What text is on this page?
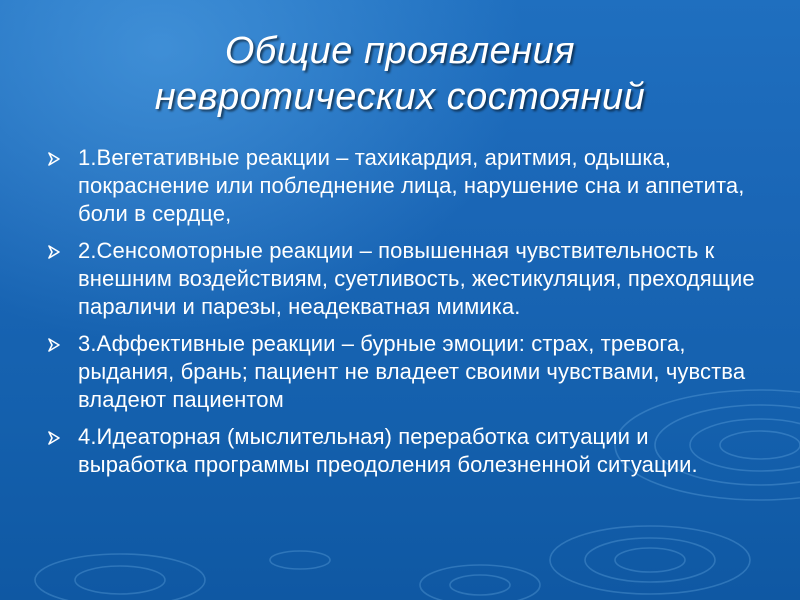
Общие проявления
невротических состояний
1.Вегетативные реакции – тахикардия, аритмия, одышка, покраснение или побледнение лица, нарушение сна и аппетита, боли в сердце,
2.Сенсомоторные реакции – повышенная чувствительность к внешним воздействиям, суетливость, жестикуляция, преходящие параличи и парезы, неадекватная мимика.
3.Аффективные реакции – бурные эмоции: страх, тревога, рыдания, брань; пациент не владеет своими чувствами, чувства владеют пациентом
4.Идеаторная (мыслительная) переработка ситуации и выработка программы преодоления болезненной ситуации.
